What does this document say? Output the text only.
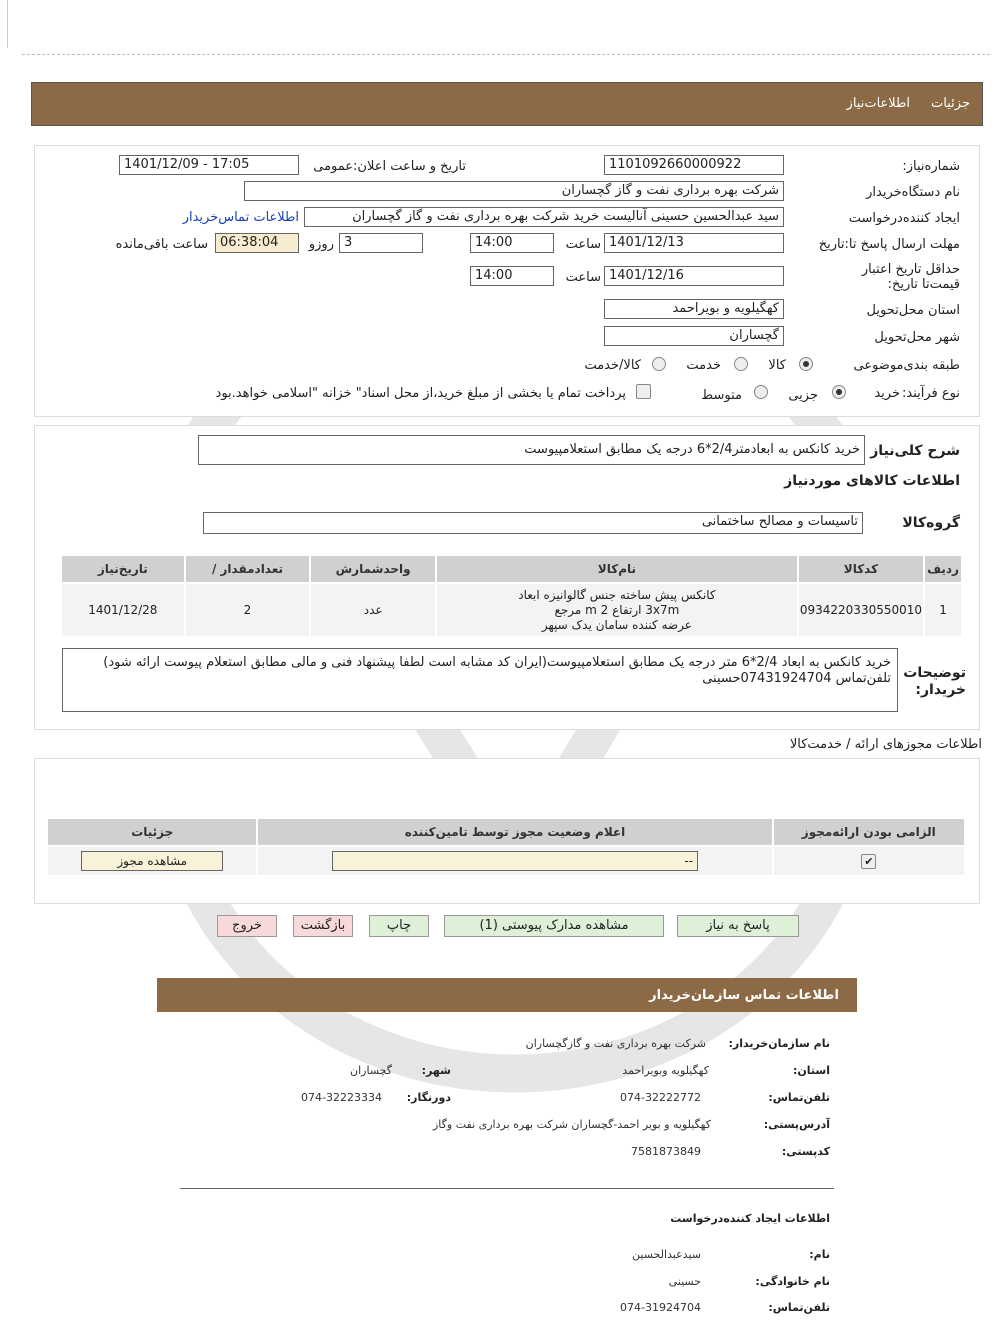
جزئیات
اطلاعات‌نیاز
شماره‌نیاز:
1101092660000922
تاریخ و ساعت اعلان:عمومی
1401/12/09 - 17:05
نام دستگاه‌خریدار
شرکت بهره برداری نفت و گاز گچساران
ایجاد کننده‌درخواست
سید عبدالحسین حسینی آنالیست خرید شرکت بهره برداری نفت و گاز گچساران
اطلاعات تماس‌خریدار
مهلت ارسال پاسخ تا:تاریخ
1401/12/13
ساعت
14:00
3
روزو
06:38:04
ساعت باقی‌مانده
حداقل تاریخ اعتبار قیمت‌تا تاریخ:
1401/12/16
ساعت
14:00
استان محل‌تحویل
کهگیلویه و بویراحمد
شهر محل‌تحویل
گچساران
طبقه بندی‌موضوعی
کالا
خدمت
کالا/خدمت
نوع فرآیند:
خرید
جزیی
متوسط
پرداخت تمام یا بخشی از مبلغ خرید،از محل اسناد" خزانه "اسلامی خواهد.بود
شرح کلی‌نیاز
خرید کانکس به ابعادمتر2/4*6 درجه یک مطابق استعلامپیوست
اطلاعات کالاهای موردنیاز
گروه‌کالا
تاسیسات و مصالح ساختمانی
ردیف	کدکالا	نام‌کالا	واحدشمارش	تعداد‌مقدار /	تاریخ‌نیاز
1	0934220330550010	کانکس پیش ساخته جنس گالوانیزه ابعاد
3x7m ارتفاع 2 m مرجع
عرضه کننده سامان یدک سپهر	عدد	2	1401/12/28
توضیحات خریدار:
خرید کانکس به ابعاد 2/4*6 متر درجه یک مطابق استعلامپیوست(ایران کد مشابه است لطفا پیشنهاد فنی و مالی مطابق استعلام پیوست ارائه شود)
تلفن‌تماس 07431924704حسینی
اطلاعات مجوزهای ارائه‌ / خدمت‌کالا
الزامی بودن ارائه‌مجوز	اعلام وضعیت مجوز توسط تامین‌کننده	جزئیات
✔	--	مشاهده مجوز
پاسخ به نیاز
مشاهده مدارک پیوستی (1)
چاپ
بازگشت
خروج
اطلاعات تماس سازمان‌خریدار
نام سازمان‌خریدار:
شرکت بهره برداری نفت و گازگچساران
استان:
کهگیلویه وبویراحمد
شهر:
گچساران
تلفن‌تماس:
074-32222772
دورنگار:
074-32223334
آدرس‌پستی:
کهگیلویه و بویر احمد-گچساران شرکت بهره برداری نفت وگاز
کدپستی:
7581873849
اطلاعات ایجاد کننده‌درخواست
نام:
سیدعبدالحسین
نام خانوادگی:
حسینی
تلفن‌تماس:
074-31924704
